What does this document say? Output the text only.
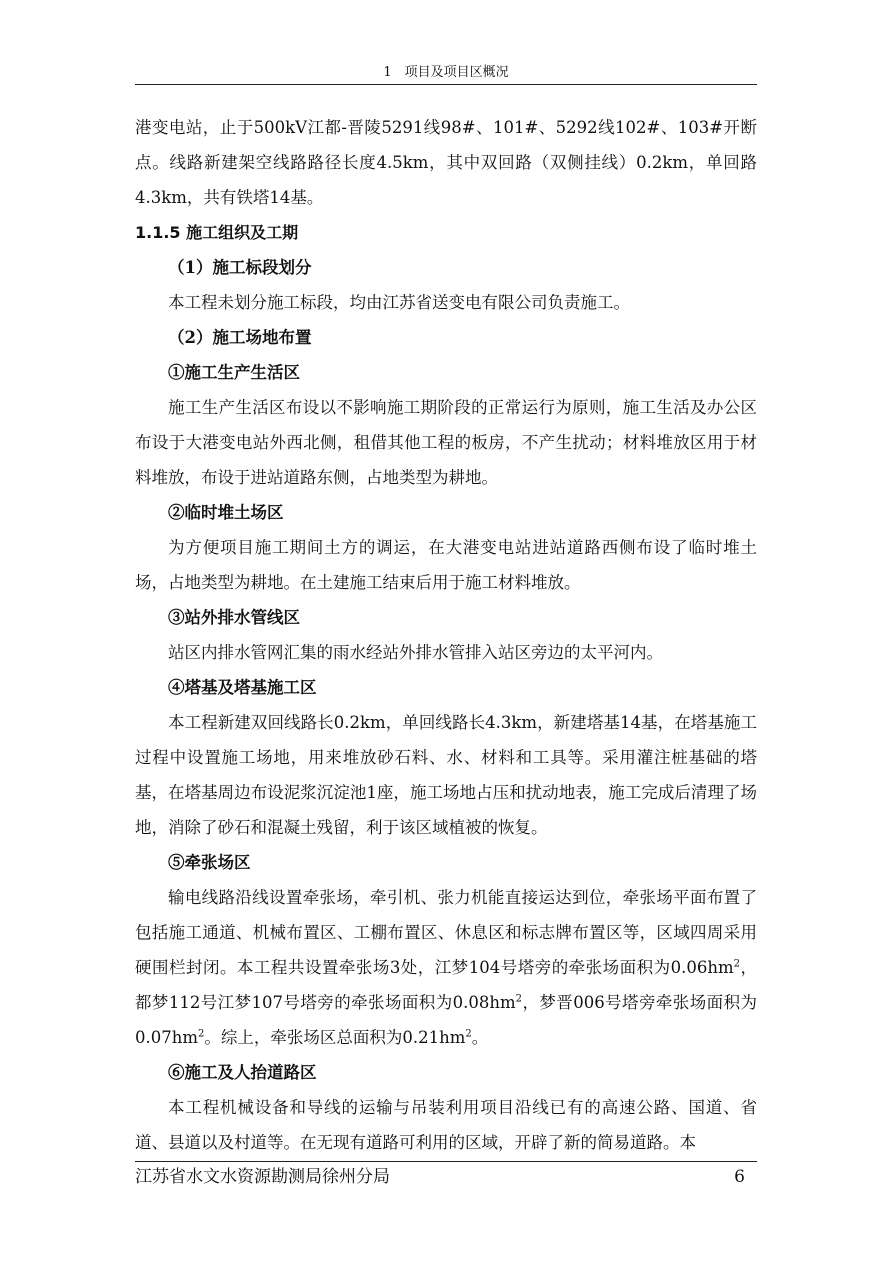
1　项目及项目区概况

港变电站，止于500kV江都-晋陵5291线98#、101#、5292线102#、103#开断点。线路新建架空线路路径长度4.5km，其中双回路（双侧挂线）0.2km，单回路4.3km，共有铁塔14基。

1.1.5 施工组织及工期
（1）施工标段划分

本工程未划分施工标段，均由江苏省送变电有限公司负责施工。

（2）施工场地布置
①施工生产生活区

施工生产生活区布设以不影响施工期阶段的正常运行为原则，施工生活及办公区布设于大港变电站外西北侧，租借其他工程的板房，不产生扰动；材料堆放区用于材料堆放，布设于进站道路东侧，占地类型为耕地。

②临时堆土场区

为方便项目施工期间土方的调运，在大港变电站进站道路西侧布设了临时堆土场，占地类型为耕地。在土建施工结束后用于施工材料堆放。

③站外排水管线区

站区内排水管网汇集的雨水经站外排水管排入站区旁边的太平河内。

④塔基及塔基施工区

本工程新建双回线路长0.2km，单回线路长4.3km，新建塔基14基，在塔基施工过程中设置施工场地，用来堆放砂石料、水、材料和工具等。采用灌注桩基础的塔基，在塔基周边布设泥浆沉淀池1座，施工场地占压和扰动地表，施工完成后清理了场地，消除了砂石和混凝土残留，利于该区域植被的恢复。

⑤牵张场区

输电线路沿线设置牵张场，牵引机、张力机能直接运达到位，牵张场平面布置了包括施工通道、机械布置区、工棚布置区、休息区和标志牌布置区等，区域四周采用硬围栏封闭。本工程共设置牵张场3处，江梦104号塔旁的牵张场面积为$0.06hm^2$，都梦112号江梦107号塔旁的牵张场面积为$0.08hm^2$，梦晋006号塔旁牵张场面积为$0.07hm^2$。综上，牵张场区总面积为$0.21hm^2$。

⑥施工及人抬道路区

本工程机械设备和导线的运输与吊装利用项目沿线已有的高速公路、国道、省道、县道以及村道等。在无现有道路可利用的区域，开辟了新的简易道路。本

江苏省水文水资源勘测局徐州分局	6
